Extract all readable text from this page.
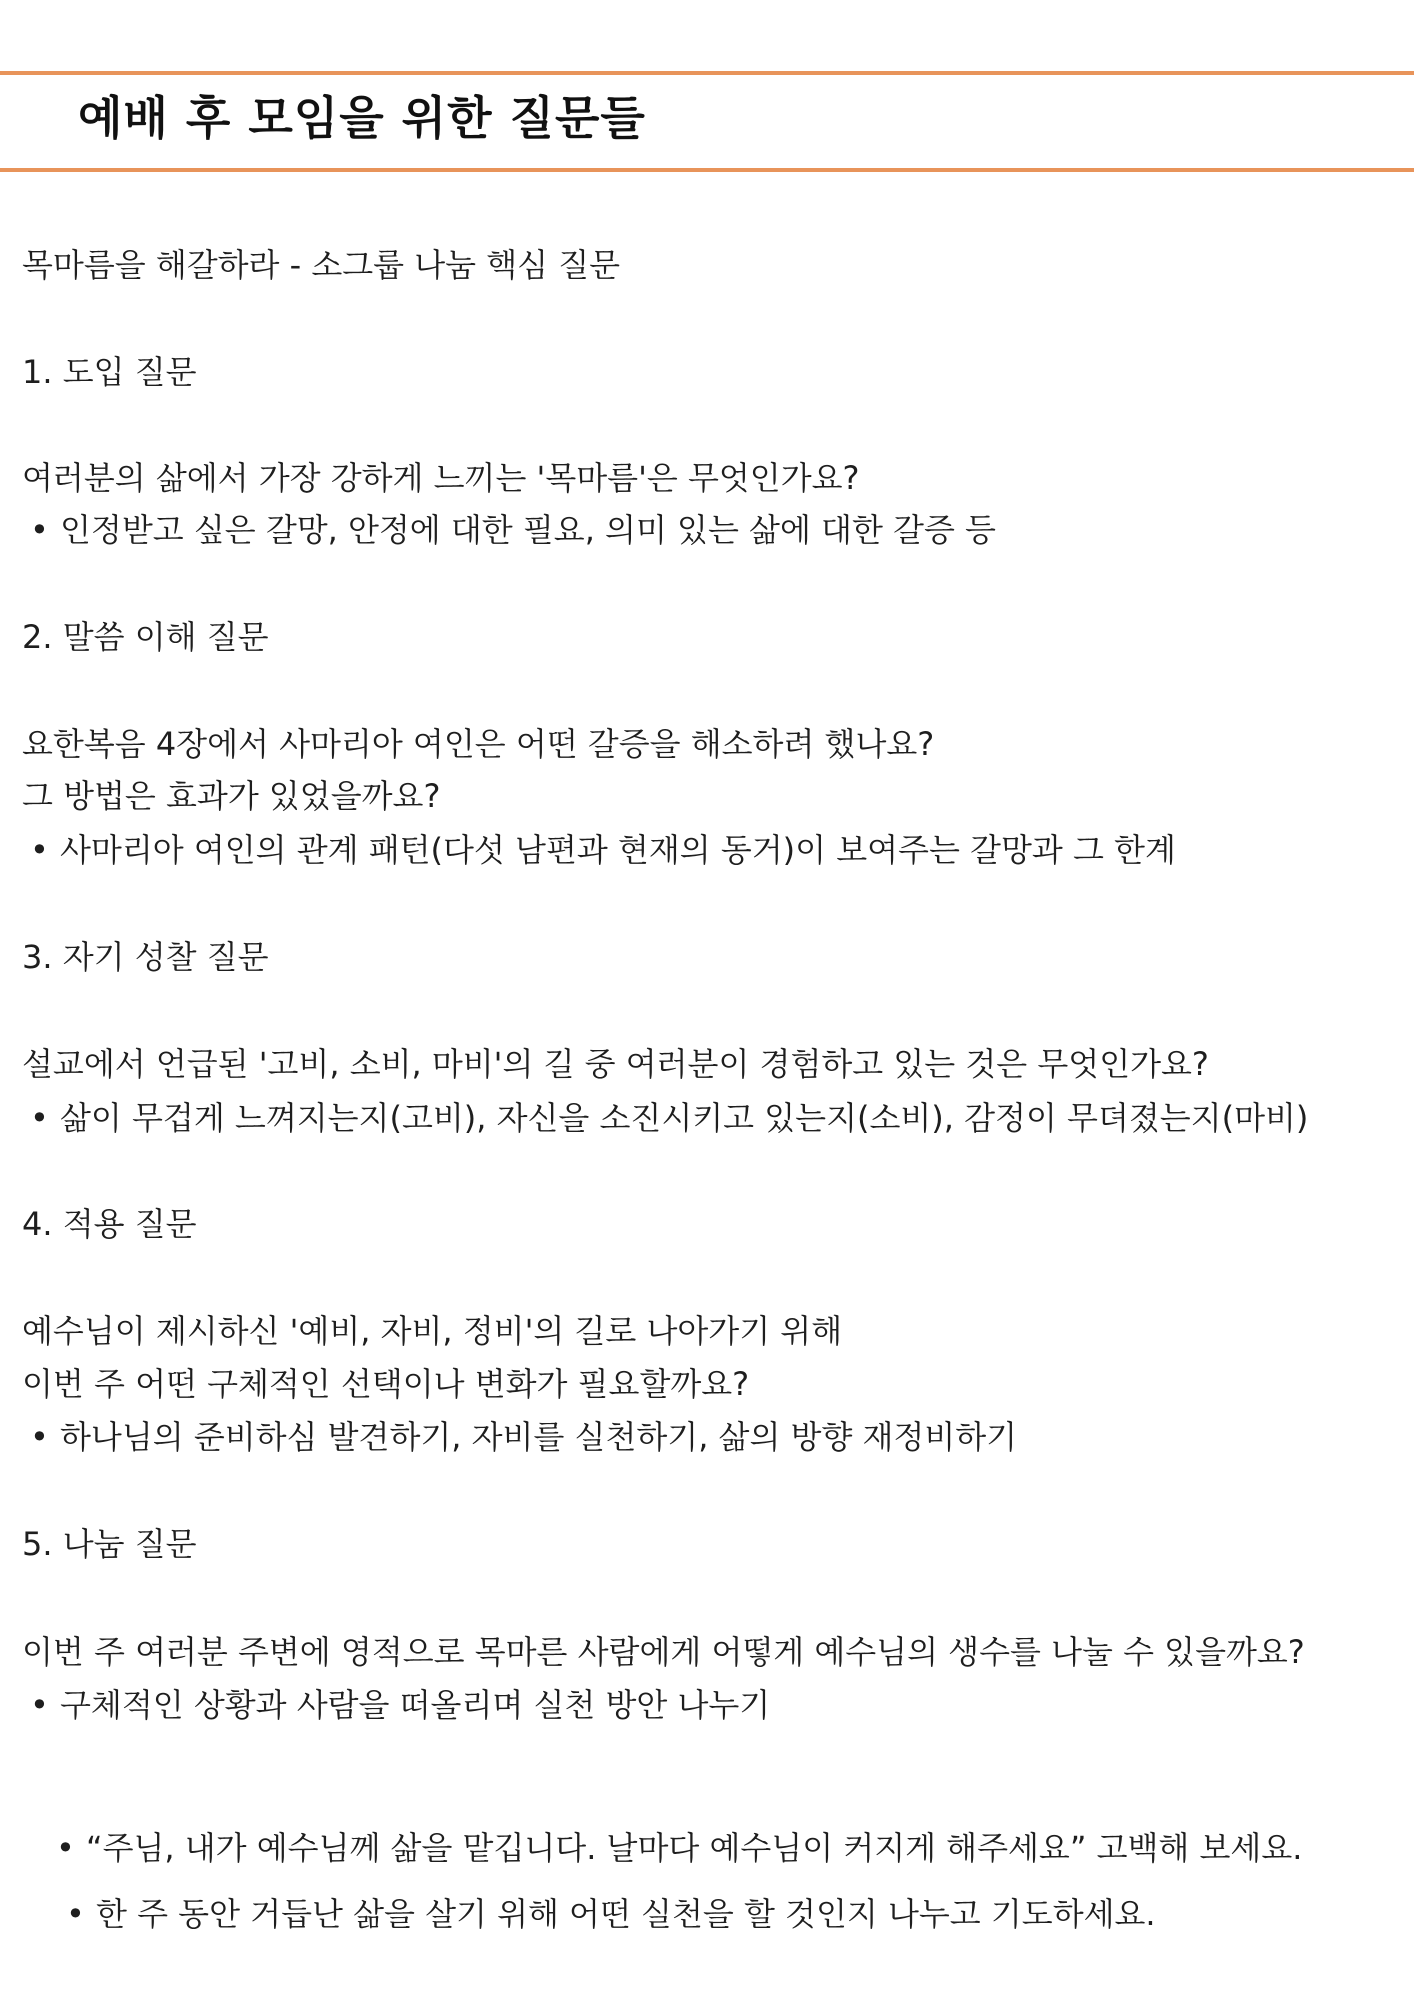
예배 후 모임을 위한 질문들
목마름을 해갈하라 - 소그룹 나눔 핵심 질문
1. 도입 질문
여러분의 삶에서 가장 강하게 느끼는 '목마름'은 무엇인가요?
• 인정받고 싶은 갈망, 안정에 대한 필요, 의미 있는 삶에 대한 갈증 등
2. 말씀 이해 질문
요한복음 4장에서 사마리아 여인은 어떤 갈증을 해소하려 했나요?
그 방법은 효과가 있었을까요?
• 사마리아 여인의 관계 패턴(다섯 남편과 현재의 동거)이 보여주는 갈망과 그 한계
3. 자기 성찰 질문
설교에서 언급된 '고비, 소비, 마비'의 길 중 여러분이 경험하고 있는 것은 무엇인가요?
• 삶이 무겁게 느껴지는지(고비), 자신을 소진시키고 있는지(소비), 감정이 무뎌졌는지(마비)
4. 적용 질문
예수님이 제시하신 '예비, 자비, 정비'의 길로 나아가기 위해
이번 주 어떤 구체적인 선택이나 변화가 필요할까요?
• 하나님의 준비하심 발견하기, 자비를 실천하기, 삶의 방향 재정비하기
5. 나눔 질문
이번 주 여러분 주변에 영적으로 목마른 사람에게 어떻게 예수님의 생수를 나눌 수 있을까요?
• 구체적인 상황과 사람을 떠올리며 실천 방안 나누기
• “주님, 내가 예수님께 삶을 맡깁니다. 날마다 예수님이 커지게 해주세요” 고백해 보세요.
• 한 주 동안 거듭난 삶을 살기 위해 어떤 실천을 할 것인지 나누고 기도하세요.
